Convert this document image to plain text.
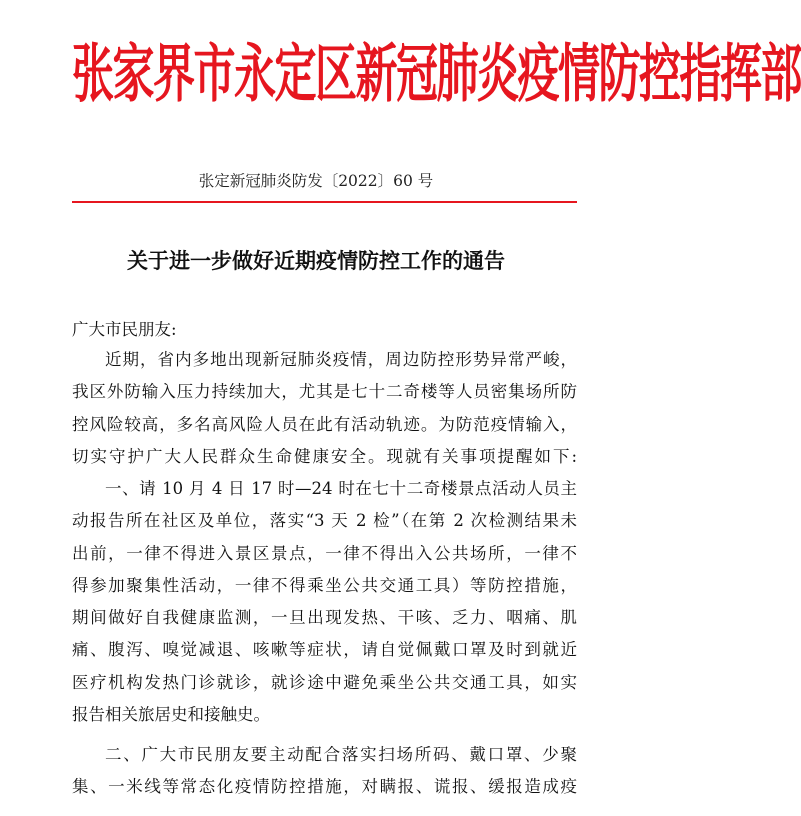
张家界市永定区新冠肺炎疫情防控指挥部
张定新冠肺炎防发〔2022〕60 号
关于进一步做好近期疫情防控工作的通告
广大市民朋友:
近期，省内多地出现新冠肺炎疫情，周边防控形势异常严峻，
我区外防输入压力持续加大，尤其是七十二奇楼等人员密集场所防
控风险较高，多名高风险人员在此有活动轨迹。为防范疫情输入，
切实守护广大人民群众生命健康安全。现就有关事项提醒如下:
一、请 10 月 4 日 17 时—24 时在七十二奇楼景点活动人员主
动报告所在社区及单位，落实“3 天 2 检”（在第 2 次检测结果未
出前，一律不得进入景区景点，一律不得出入公共场所，一律不
得参加聚集性活动，一律不得乘坐公共交通工具）等防控措施，
期间做好自我健康监测，一旦出现发热、干咳、乏力、咽痛、肌
痛、腹泻、嗅觉减退、咳嗽等症状，请自觉佩戴口罩及时到就近
医疗机构发热门诊就诊，就诊途中避免乘坐公共交通工具，如实
报告相关旅居史和接触史。
二、广大市民朋友要主动配合落实扫场所码、戴口罩、少聚
集、一米线等常态化疫情防控措施，对瞒报、谎报、缓报造成疫
